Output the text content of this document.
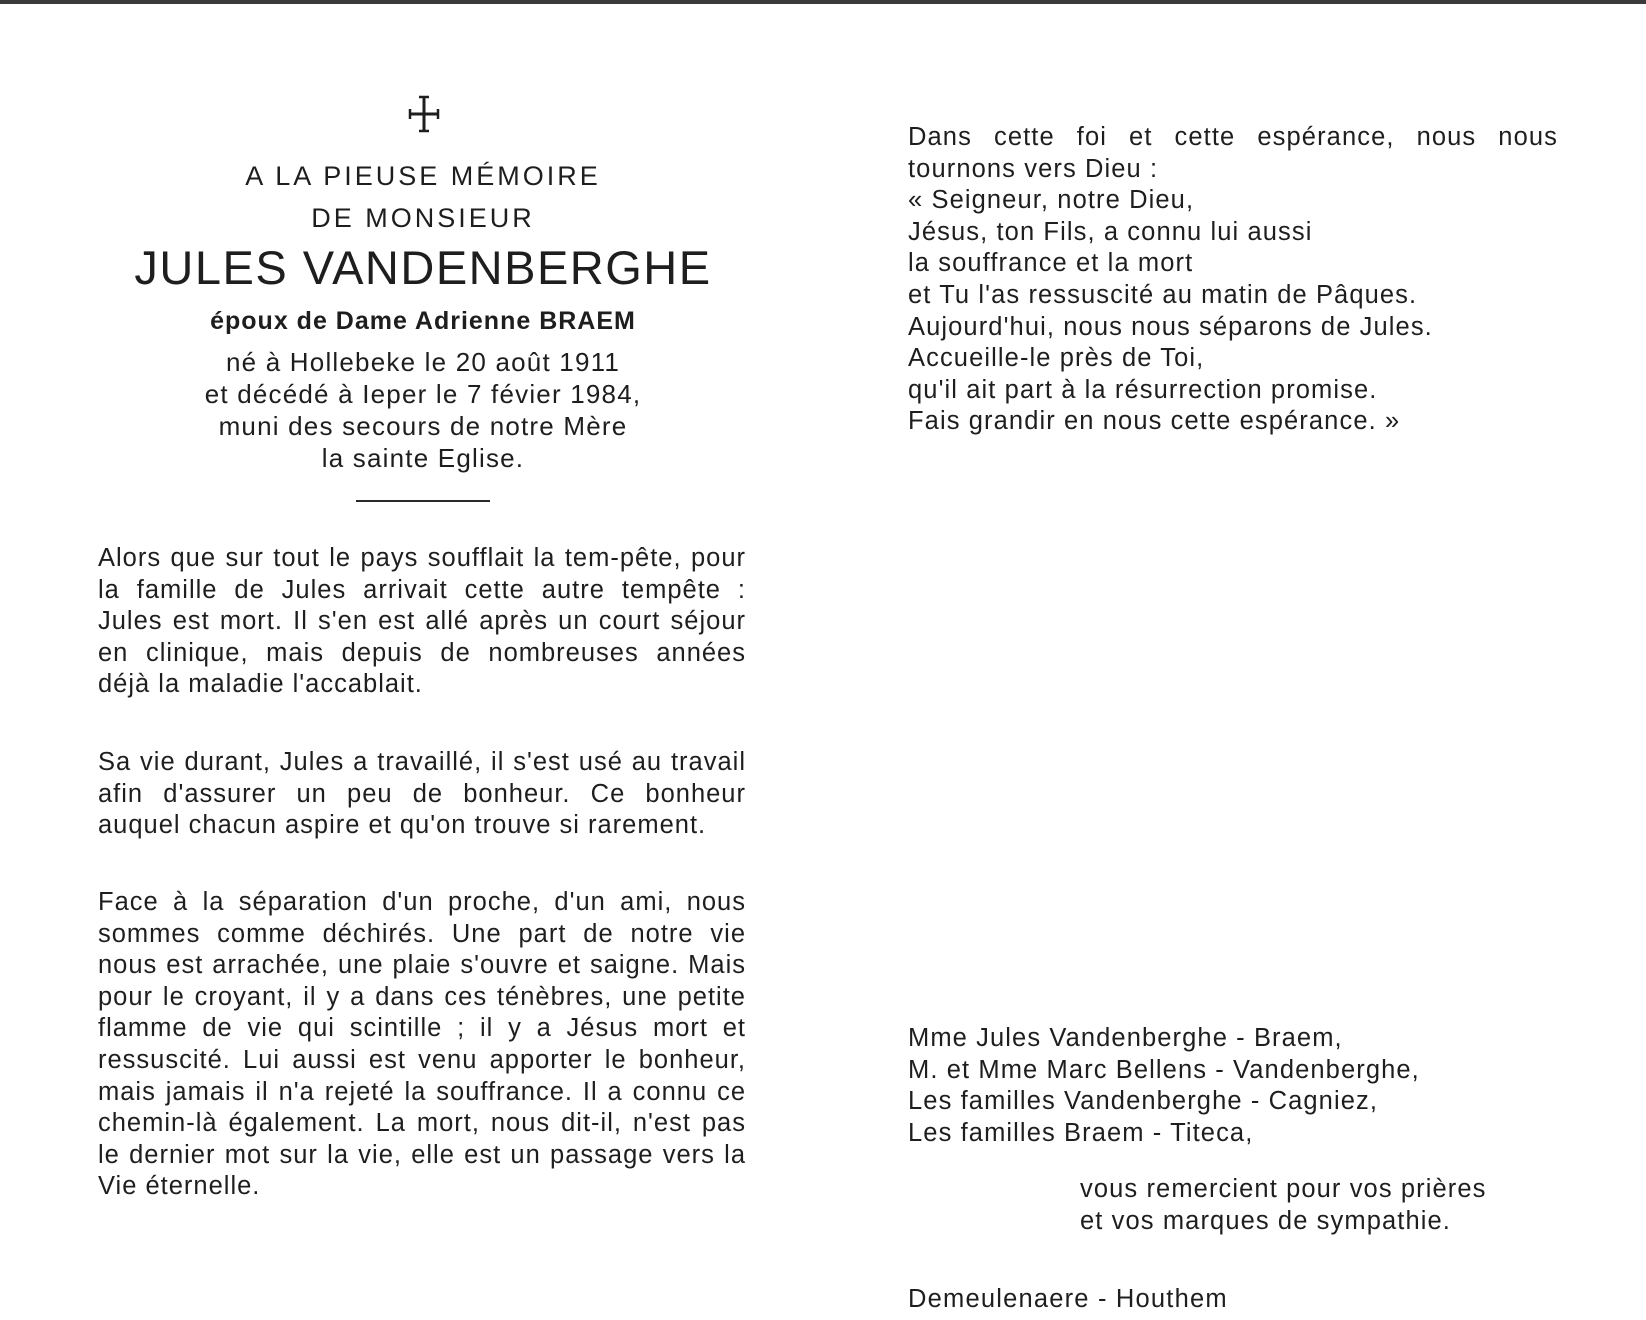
A LA PIEUSE MÉMOIRE
DE MONSIEUR
JULES VANDENBERGHE
époux de Dame Adrienne BRAEM
né à Hollebeke le 20 août 1911
et décédé à Ieper le 7 févier 1984,
muni des secours de notre Mère
la sainte Eglise.

Alors que sur tout le pays soufflait la tem-pête, pour la famille de Jules arrivait cette autre tempête : Jules est mort. Il s'en est allé après un court séjour en clinique, mais depuis de nombreuses années déjà la maladie l'accablait.

Sa vie durant, Jules a travaillé, il s'est usé au travail afin d'assurer un peu de bonheur. Ce bonheur auquel chacun aspire et qu'on trouve si rarement.

Face à la séparation d'un proche, d'un ami, nous sommes comme déchirés. Une part de notre vie nous est arrachée, une plaie s'ouvre et saigne. Mais pour le croyant, il y a dans ces ténèbres, une petite flamme de vie qui scintille ; il y a Jésus mort et ressuscité. Lui aussi est venu apporter le bonheur, mais jamais il n'a rejeté la souffrance. Il a connu ce chemin-là également. La mort, nous dit-il, n'est pas le dernier mot sur la vie, elle est un passage vers la Vie éternelle.

Dans cette foi et cette espérance, nous nous
tournons vers Dieu :
« Seigneur, notre Dieu,
Jésus, ton Fils, a connu lui aussi
la souffrance et la mort
et Tu l'as ressuscité au matin de Pâques.
Aujourd'hui, nous nous séparons de Jules.
Accueille-le près de Toi,
qu'il ait part à la résurrection promise.
Fais grandir en nous cette espérance. »
Mme Jules Vandenberghe - Braem,
M. et Mme Marc Bellens - Vandenberghe,
Les familles Vandenberghe - Cagniez,
Les familles Braem - Titeca,
vous remercient pour vos prières
et vos marques de sympathie.
Demeulenaere - Houthem
